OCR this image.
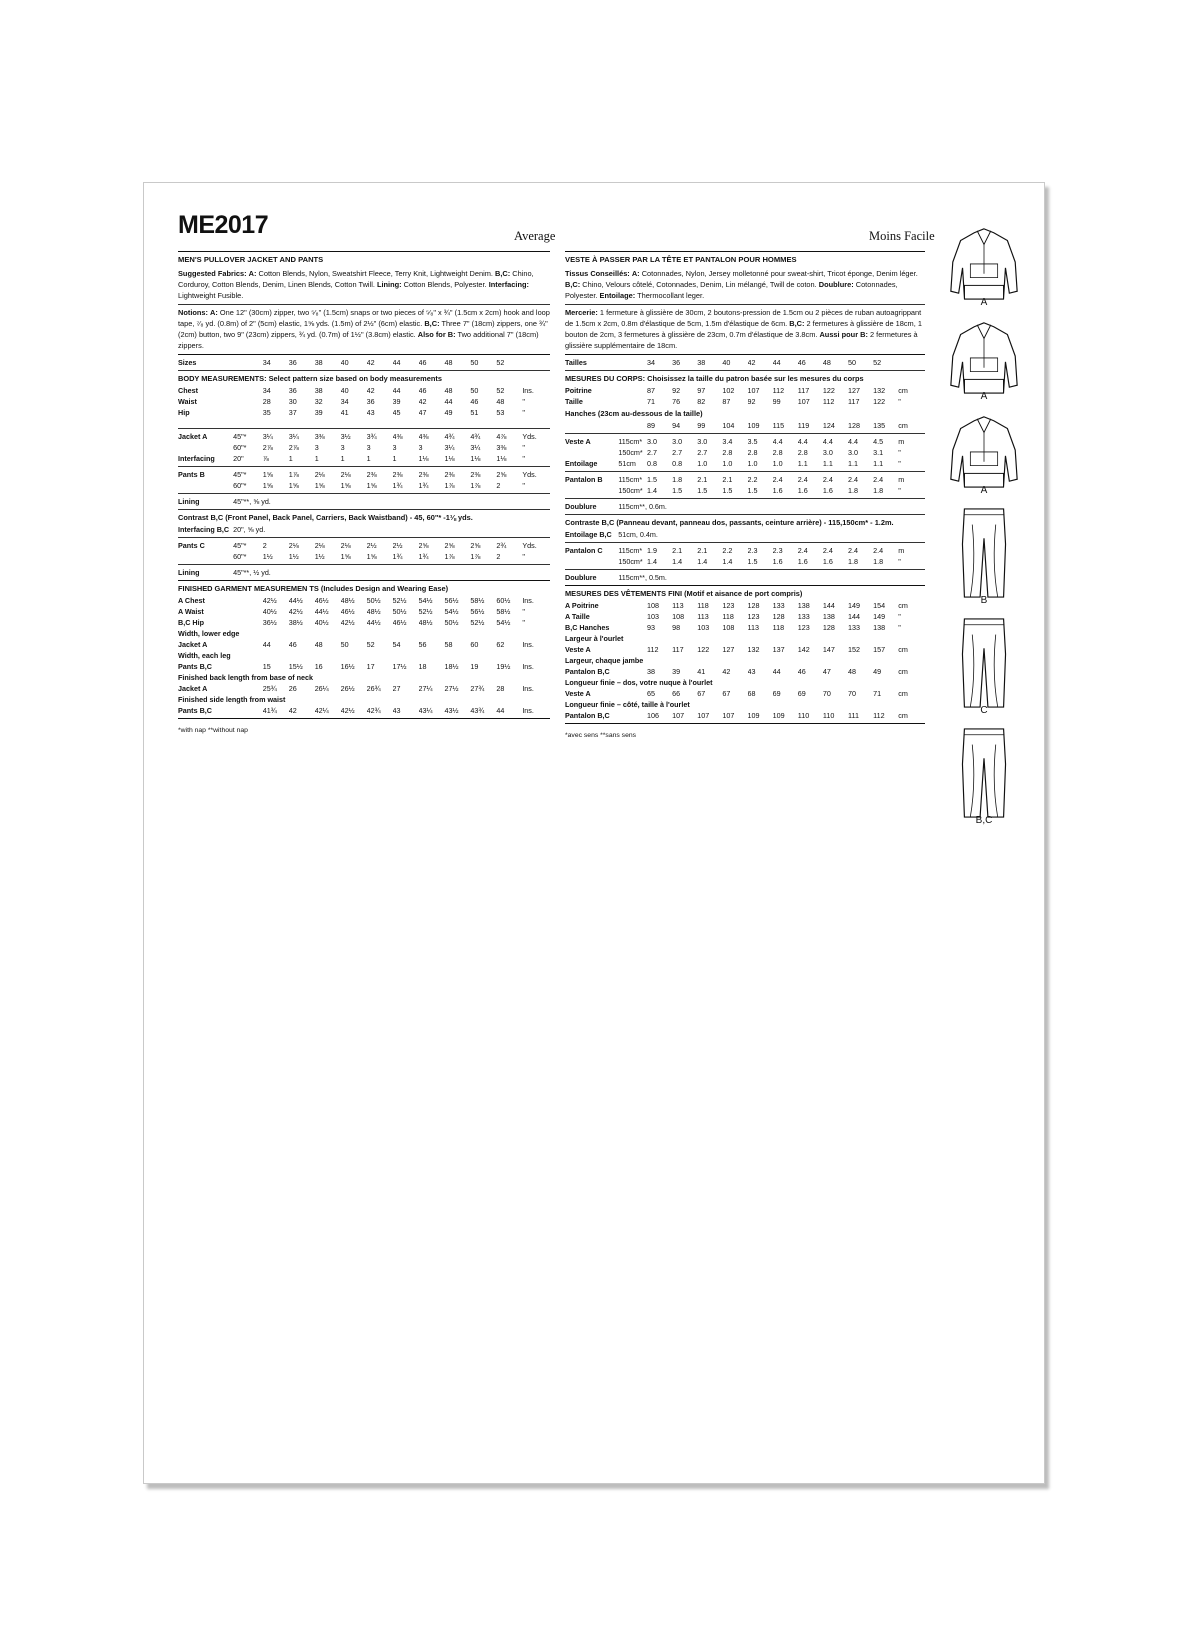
ME2017	Average	Moins Facile
MEN'S PULLOVER JACKET AND PANTS
Suggested Fabrics: A: Cotton Blends, Nylon, Sweatshirt Fleece, Terry Knit, Lightweight Denim. B,C: Chino, Corduroy, Cotton Blends, Denim, Linen Blends, Cotton Twill. Lining: Cotton Blends, Polyester. Interfacing: Lightweight Fusible.
Notions: A: One 12" (30cm) zipper, two ⁵⁄₈" (1.5cm) snaps or two pieces of ⁵⁄₈" x ¾" (1.5cm x 2cm) hook and loop tape, ⁷⁄₈ yd. (0.8m) of 2" (5cm) elastic, 1⅝ yds. (1.5m) of 2½" (6cm) elastic. B,C: Three 7" (18cm) zippers, one ¾" (2cm) button, two 9" (23cm) zippers, ¾ yd. (0.7m) of 1½" (3.8cm) elastic. Also for B: Two additional 7" (18cm) zippers.
Sizes		34	36	38	40	42	44	46	48	50	52	
BODY MEASUREMENTS: Select pattern size based on body measurements
Chest		34	36	38	40	42	44	46	48	50	52	Ins.
Waist		28	30	32	34	36	39	42	44	46	48	"
Hip		35	37	39	41	43	45	47	49	51	53	"
Jacket A	45"*	3¼	3¼	3⅜	3½	3¾	4⅜	4⅜	4¾	4¾	4⅞	Yds.
	60"*	2⅞	2⅞	3	3	3	3	3	3¼	3¼	3⅜	"
Interfacing	20"	⅞	1	1	1	1	1	1⅛	1⅛	1⅛	1⅛	"
Pants B	45"*	1⅝	1⅞	2⅛	2⅛	2⅜	2⅜	2⅜	2⅜	2⅜	2⅝	Yds.
	60"*	1⅝	1⅝	1⅝	1⅝	1⅝	1¾	1¾	1⅞	1⅞	2	"
Lining	45"**, ⅝ yd.
Contrast B,C (Front Panel, Back Panel, Carriers, Back Waistband) - 45, 60"* -1⅛ yds.
Interfacing B,C	20", ⅝ yd.
Pants C	45"*	2	2⅛	2⅛	2⅛	2½	2½	2⅝	2⅝	2⅝	2¾	Yds.
	60"*	1½	1½	1½	1⅝	1⅝	1¾	1¾	1⅞	1⅞	2	"
Lining	45"**, ½ yd.
FINISHED GARMENT MEASUREMEN TS (Includes Design and Wearing Ease)
A Chest	42½	44½	46½	48½	50½	52½	54½	56½	58½	60½	Ins.
A Waist	40½	42½	44½	46½	48½	50½	52½	54½	56½	58½	"
B,C Hip	36½	38½	40½	42½	44½	46½	48½	50½	52½	54½	"
Width, lower edge											
Jacket A	44	46	48	50	52	54	56	58	60	62	Ins.
Width, each leg											
Pants B,C	15	15½	16	16½	17	17½	18	18½	19	19½	Ins.
Finished back length from base of neck											
Jacket A	25¾	26	26¼	26½	26¾	27	27¼	27½	27¾	28	Ins.
Finished side length from waist											
Pants B,C	41¾	42	42¼	42½	42¾	43	43¼	43½	43¾	44	Ins.
*with nap **without nap
VESTE À PASSER PAR LA TÊTE ET PANTALON POUR HOMMES
Tissus Conseillés: A: Cotonnades, Nylon, Jersey molletonné pour sweat-shirt, Tricot éponge, Denim léger. B,C: Chino, Velours côtelé, Cotonnades, Denim, Lin mélangé, Twill de coton. Doublure: Cotonnades, Polyester. Entoilage: Thermocollant leger.
Mercerie: 1 fermeture à glissière de 30cm, 2 boutons-pression de 1.5cm ou 2 pièces de ruban autoagrippant de 1.5cm x 2cm, 0.8m d'élastique de 5cm, 1.5m d'élastique de 6cm. B,C: 2 fermetures à glissière de 18cm, 1 bouton de 2cm, 3 fermetures à glissière de 23cm, 0.7m d'élastique de 3.8cm. Aussi pour B: 2 fermetures à glissière supplémentaire de 18cm.
Tailles		34	36	38	40	42	44	46	48	50	52	
MESURES DU CORPS: Choisissez la taille du patron basée sur les mesures du corps
Poitrine		87	92	97	102	107	112	117	122	127	132	cm
Taille		71	76	82	87	92	99	107	112	117	122	"
Hanches (23cm au-dessous de la taille)
		89	94	99	104	109	115	119	124	128	135	cm
Veste A	115cm*	3.0	3.0	3.0	3.4	3.5	4.4	4.4	4.4	4.4	4.5	m
	150cm*	2.7	2.7	2.7	2.8	2.8	2.8	2.8	3.0	3.0	3.1	"
Entoilage	51cm	0.8	0.8	1.0	1.0	1.0	1.0	1.1	1.1	1.1	1.1	"
Pantalon B	115cm*	1.5	1.8	2.1	2.1	2.2	2.4	2.4	2.4	2.4	2.4	m
	150cm*	1.4	1.5	1.5	1.5	1.5	1.6	1.6	1.6	1.8	1.8	"
Doublure	115cm**, 0.6m.
Contraste B,C (Panneau devant, panneau dos, passants, ceinture arrière) - 115,150cm* - 1.2m.
Entoilage B,C	51cm, 0.4m.
Pantalon C	115cm*	1.9	2.1	2.1	2.2	2.3	2.3	2.4	2.4	2.4	2.4	m
	150cm*	1.4	1.4	1.4	1.4	1.5	1.6	1.6	1.6	1.8	1.8	"
Doublure	115cm**, 0.5m.
MESURES DES VÊTEMENTS FINI (Motif et aisance de port compris)
A Poitrine	108	113	118	123	128	133	138	144	149	154	cm
A Taille	103	108	113	118	123	128	133	138	144	149	"
B,C Hanches	93	98	103	108	113	118	123	128	133	138	"
Largeur à l'ourlet											
Veste A	112	117	122	127	132	137	142	147	152	157	cm
Largeur, chaque jambe											
Pantalon B,C	38	39	41	42	43	44	46	47	48	49	cm
Longueur finie – dos, votre nuque à l'ourlet											
Veste A	65	66	67	67	68	69	69	70	70	71	cm
Longueur finie – côté, taille à l'ourlet											
Pantalon B,C	106	107	107	107	109	109	110	110	111	112	cm
*avec sens **sans sens
A
A
A
B
C
B,C
